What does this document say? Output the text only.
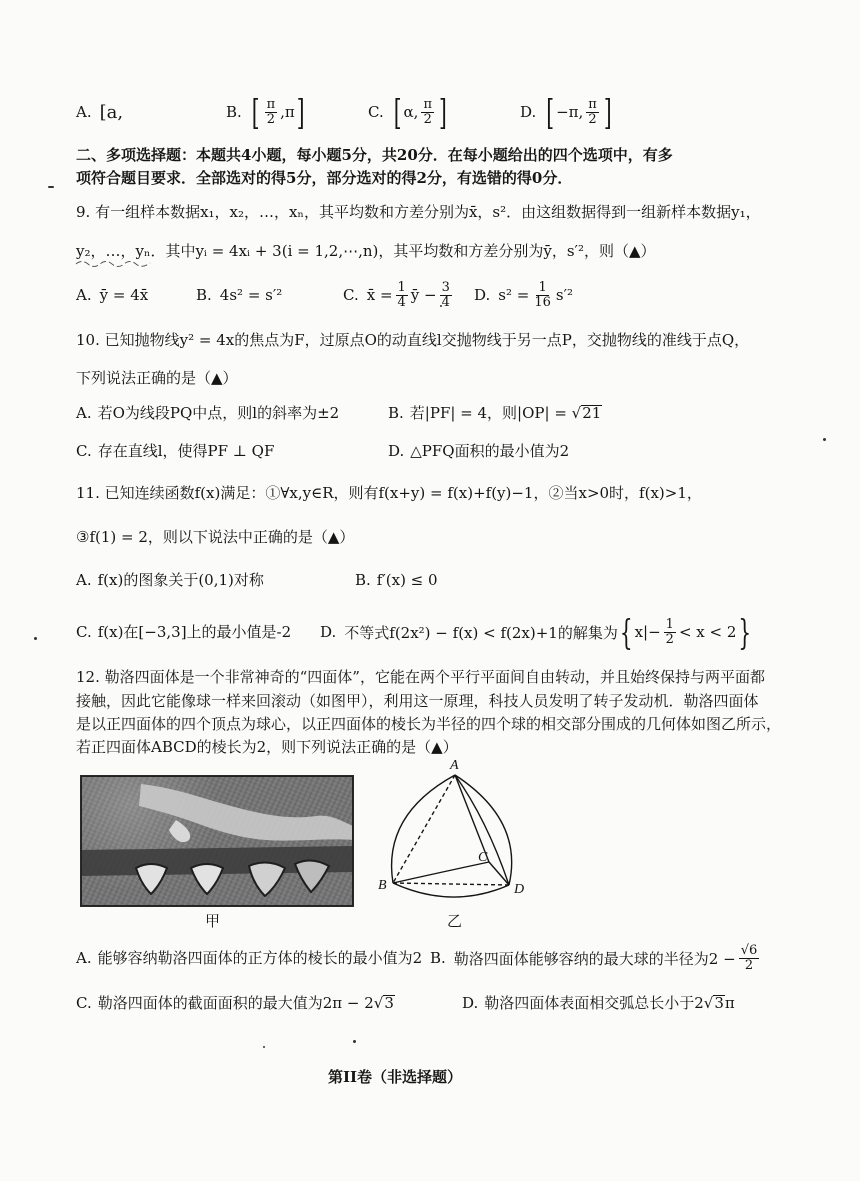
A. [a,	B. [ $\frac{\pi}{2} ,\pi$ ]	C. [ α, $\frac{\pi}{2}$ ]	D. [ −π, $\frac{\pi}{2}$ ]
二、多项选择题：本题共4小题，每小题5分，共20分．在每小题给出的四个选项中，有多
项符合题目要求．全部选对的得5分，部分选对的得2分，有选错的得0分．
9. 有一组样本数据x₁，x₂，…，xₙ，其平均数和方差分别为x̄，s²．由这组数据得到一组新样本数据y₁，
y₂，…，yₙ．其中yᵢ = 4xᵢ + 3(i = 1,2,⋯,n)，其平均数和方差分别为ȳ，s′²，则（▲）
A. ȳ = 4x̄	B. 4s² = s′²	C. x̄ = $\frac{1}{4}$ ȳ − $\frac{3}{4} D$. $s^2 = \frac{1}{16} s'^2$
10. 已知抛物线y² = 4x的焦点为F，过原点O的动直线l交抛物线于另一点P，交抛物线的准线于点Q，
下列说法正确的是（▲）
A. 若O为线段PQ中点，则l的斜率为±2	B. 若|PF| = 4，则|OP| = √21
C. 存在直线l，使得PF ⊥ QF	D. △PFQ面积的最小值为2
11. 已知连续函数f(x)满足：①∀x,y∈R，则有f(x+y) = f(x)+f(y)−1，②当x>0时，f(x)>1，
③f(1) = 2，则以下说法中正确的是（▲）
A. f(x)的图象关于(0,1)对称	B. f′(x) ≤ 0
C. f(x)在[−3,3]上的最小值是-2 D. 不等式f(2x²) − f(x) < f(2x)+1的解集为 { $x|- \frac{1}{2} < x < 2$ }
12. 勒洛四面体是一个非常神奇的“四面体”，它能在两个平行平面间自由转动，并且始终保持与两平面都
接触，因此它能像球一样来回滚动（如图甲），利用这一原理，科技人员发明了转子发动机．勒洛四面体
是以正四面体的四个顶点为球心，以正四面体的棱长为半径的四个球的相交部分围成的几何体如图乙所示，
若正四面体ABCD的棱长为2，则下列说法正确的是（▲）
甲
A
B
C
D
乙
A. 能够容纳勒洛四面体的正方体的棱长的最小值为2 B. 勒洛四面体能够容纳的最大球的半径为$2 - \frac{√6}{2}$
C. 勒洛四面体的截面面积的最大值为2π − 2√3	D. 勒洛四面体表面相交弧总长小于2√3π
第II卷（非选择题）
